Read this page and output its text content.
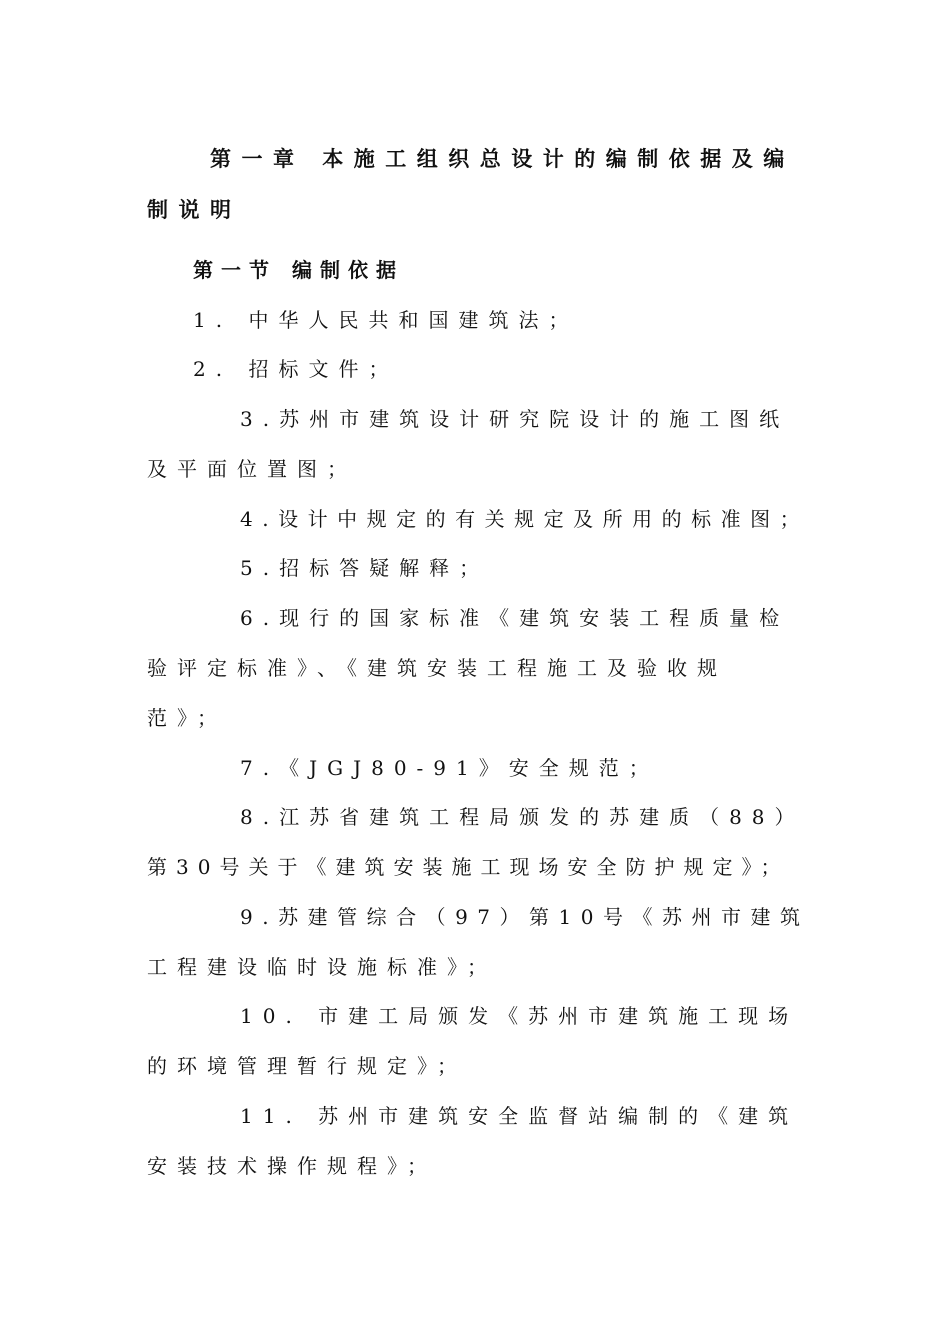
第一章 本施工组织总设计的编制依据及编
制说明
第一节 编制依据
1. 中华人民共和国建筑法；
2. 招标文件；
3.苏州市建筑设计研究院设计的施工图纸
及平面位置图；
4.设计中规定的有关规定及所用的标准图；
5.招标答疑解释；
6.现行的国家标准《建筑安装工程质量检
验评定标准》、《建筑安装工程施工及验收规
范》；
7.《JGJ80-91》安全规范；
8.江苏省建筑工程局颁发的苏建质（88）
第30号关于《建筑安装施工现场安全防护规定》；
9.苏建管综合（97）第10号《苏州市建筑
工程建设临时设施标准》；
10. 市建工局颁发《苏州市建筑施工现场
的环境管理暂行规定》；
11. 苏州市建筑安全监督站编制的《建筑
安装技术操作规程》；
